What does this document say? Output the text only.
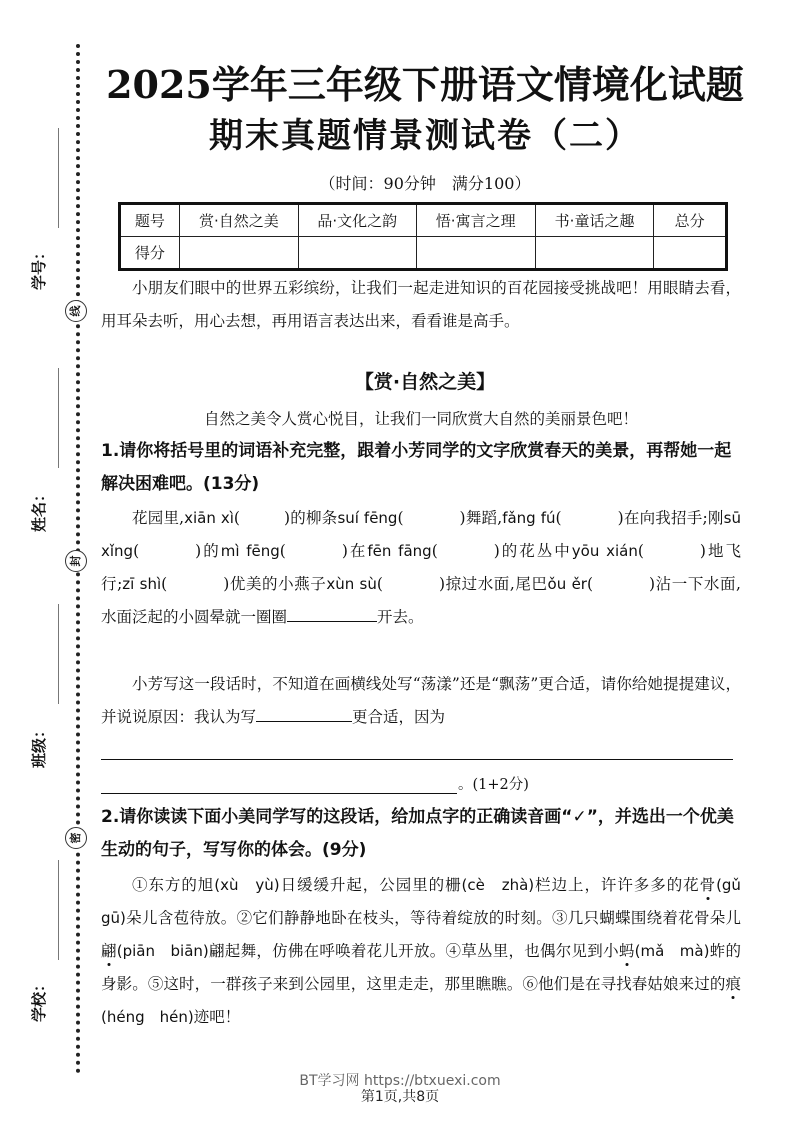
线
封
密
学号：
姓名：
班级：
学校：
2025学年三年级下册语文情境化试题
期末真题情景测试卷（二）
（时间：90分钟　满分100）
题号	赏·自然之美	品·文化之韵	悟·寓言之理	书·童话之趣	总分
得分					
小朋友们眼中的世界五彩缤纷，让我们一起走进知识的百花园接受挑战吧！用眼睛去看，用耳朵去听，用心去想，再用语言表达出来，看看谁是高手。
【赏·自然之美】
自然之美令人赏心悦目，让我们一同欣赏大自然的美丽景色吧！
1.请你将括号里的词语补充完整，跟着小芳同学的文字欣赏春天的美景，再帮她一起解决困难吧。(13分)
花园里,xiān xì(	)的柳条suí fēng(	)舞蹈,fǎng fú(	)在向我招手;刚sū xǐng(	)的mì fēng(	)在fēn fāng(	)的花丛中yōu xián(	)地飞行;zī shì(	)优美的小燕子xùn sù(	)掠过水面,尾巴ǒu ěr(	)沾一下水面,水面泛起的小圆晕就一圈圈	开去。
小芳写这一段话时，不知道在画横线处写“荡漾”还是“飘荡”更合适，请你给她提提建议，并说说原因：我认为写	更合适，因为
。(1+2分)
2.请你读读下面小美同学写的这段话，给加点字的正确读音画“✓”，并选出一个优美生动的句子，写写你的体会。(9分)
①东方的旭(xù　yù)日缓缓升起，公园里的栅(cè　zhà)栏边上，许许多多的花骨(gǔ　gū)朵儿含苞待放。②它们静静地卧在枝头，等待着绽放的时刻。③几只蝴蝶围绕着花骨朵儿翩(piān　biān)翩起舞，仿佛在呼唤着花儿开放。④草丛里，也偶尔见到小蚂(mǎ　mà)蚱的身影。⑤这时，一群孩子来到公园里，这里走走，那里瞧瞧。⑥他们是在寻找春姑娘来过的痕(héng　hén)迹吧！
BT学习网 https://btxuexi.com
第1页,共8页
